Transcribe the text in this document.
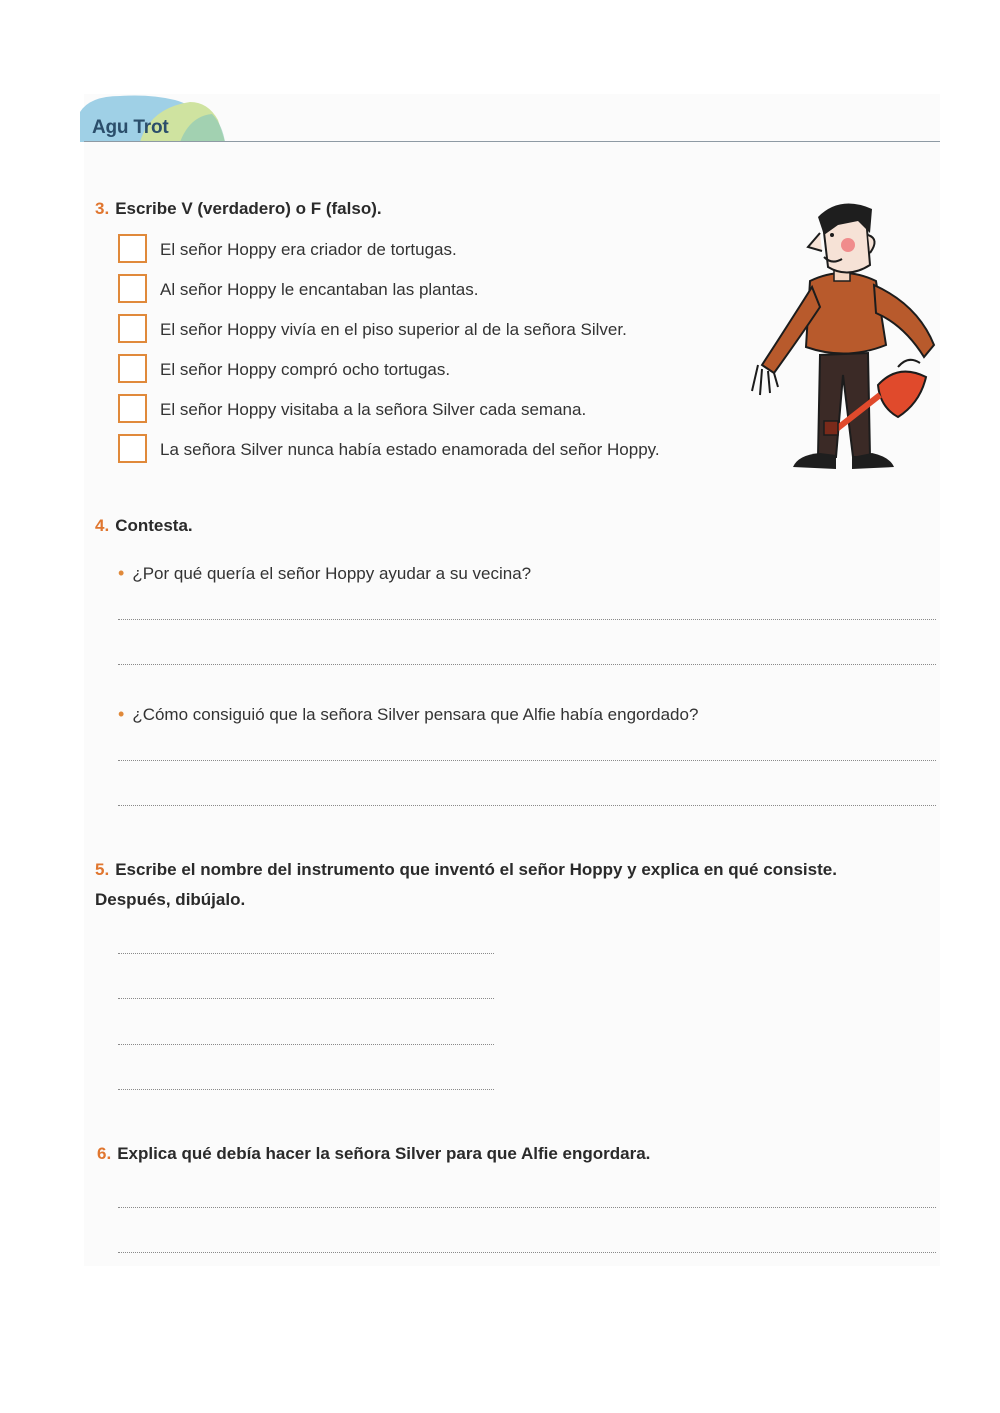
Agu Trot
3. Escribe V (verdadero) o F (falso).
El señor Hoppy era criador de tortugas.
Al señor Hoppy le encantaban las plantas.
El señor Hoppy vivía en el piso superior al de la señora Silver.
El señor Hoppy compró ocho tortugas.
El señor Hoppy visitaba a la señora Silver cada semana.
La señora Silver nunca había estado enamorada del señor Hoppy.
4. Contesta.
• ¿Por qué quería el señor Hoppy ayudar a su vecina?
• ¿Cómo consiguió que la señora Silver pensara que Alfie había engordado?
5. Escribe el nombre del instrumento que inventó el señor Hoppy y explica en qué consiste. Después, dibújalo.
6. Explica qué debía hacer la señora Silver para que Alfie engordara.
